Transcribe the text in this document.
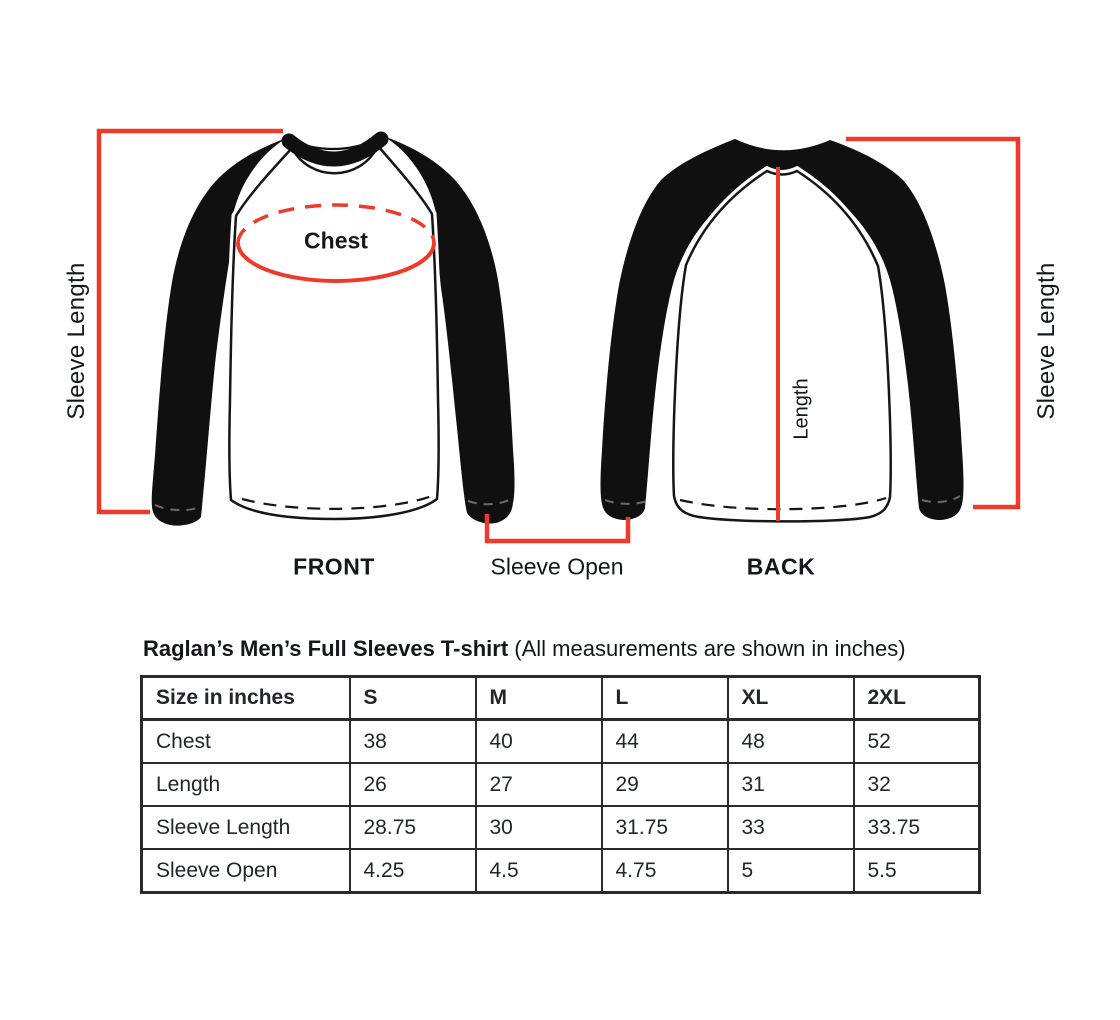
Sleeve Length	Sleeve Length
Length
Chest
FRONT	Sleeve Open	BACK
Raglan’s Men’s Full Sleeves T-shirt (All measurements are shown in inches)
Size in inches	S	M	L	XL	2XL
Chest	38	40	44	48	52
Length	26	27	29	31	32
Sleeve Length	28.75	30	31.75	33	33.75
Sleeve Open	4.25	4.5	4.75	5	5.5
